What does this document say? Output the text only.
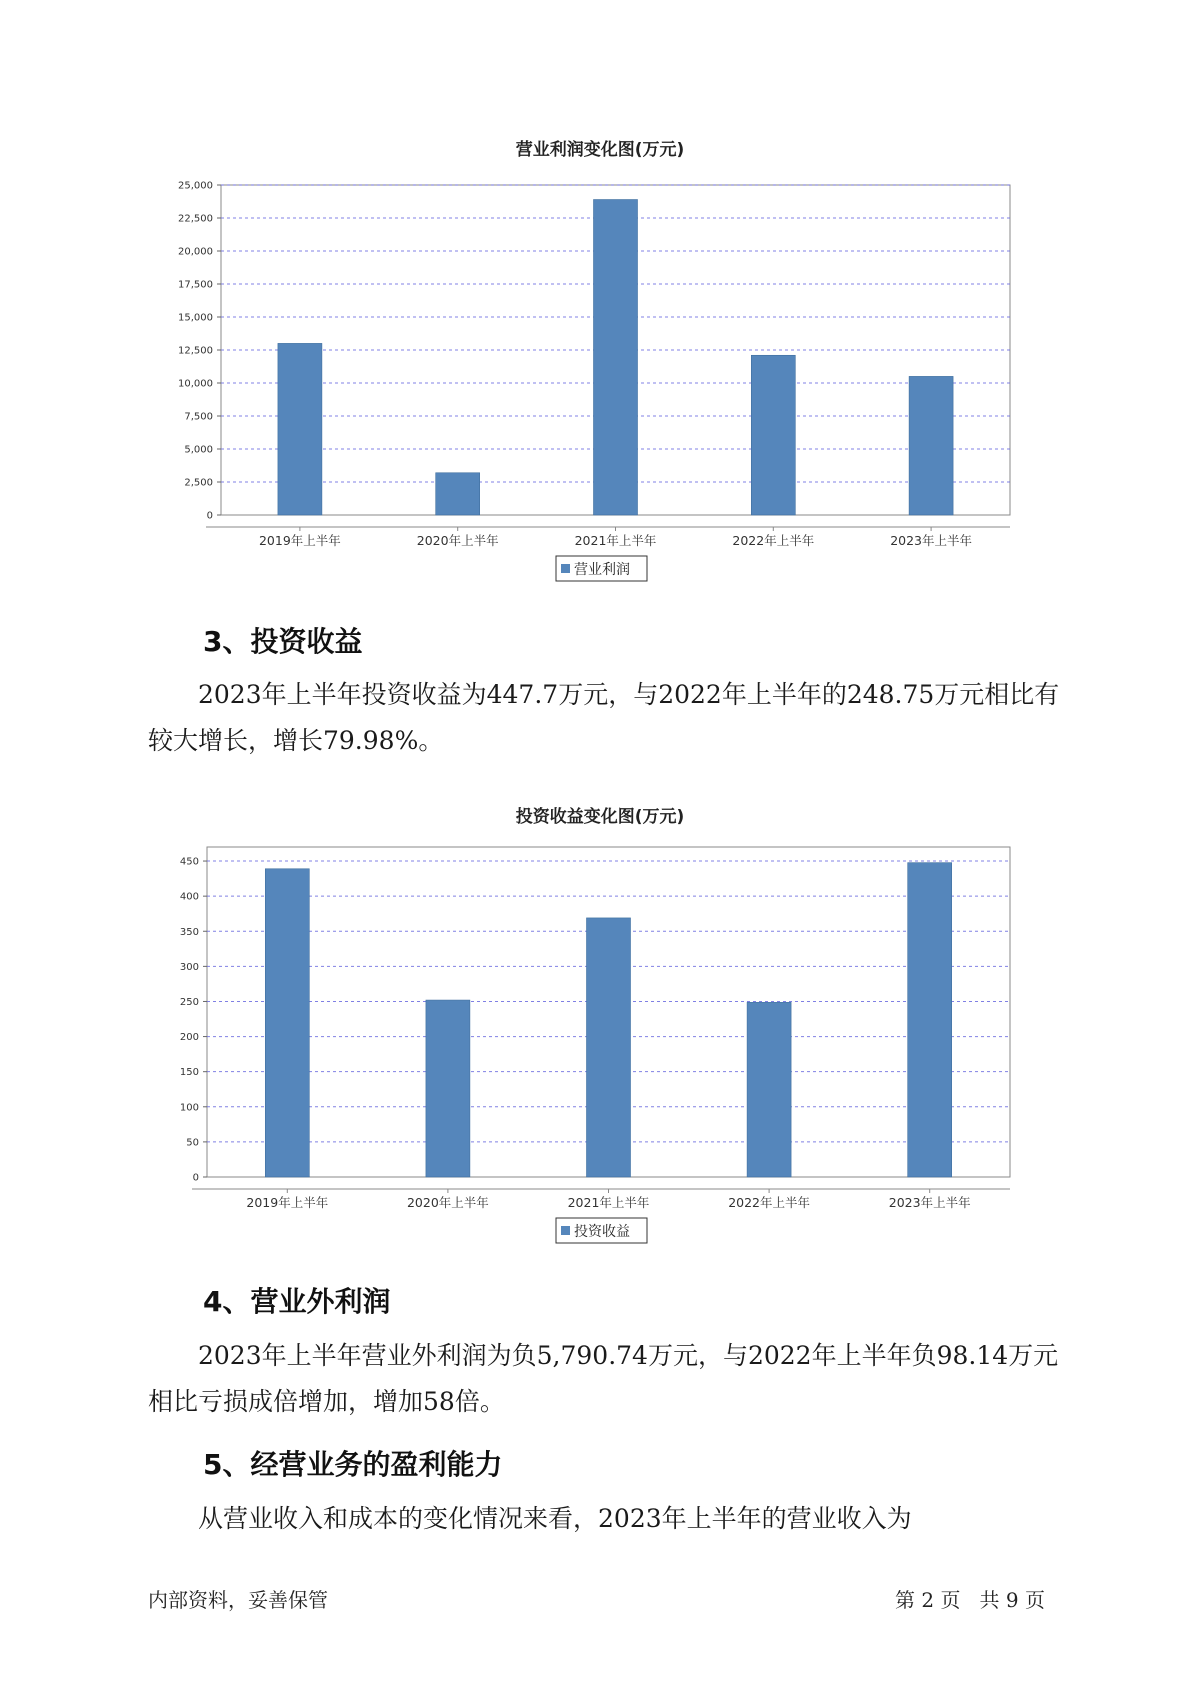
营业利润变化图(万元)
0
2,500
5,000
7,500
10,000
12,500
15,000
17,500
20,000
22,500
25,000
2019年上半年	2020年上半年	2021年上半年	2022年上半年	2023年上半年
营业利润
3、投资收益

2023年上半年投资收益为447.7万元，与2022年上半年的248.75万元相比有较大增长，增长79.98%。

投资收益变化图(万元)
0
50
100
150
200
250
300
350
400
450
2019年上半年	2020年上半年	2021年上半年	2022年上半年	2023年上半年
投资收益
4、营业外利润

2023年上半年营业外利润为负5,790.74万元，与2022年上半年负98.14万元相比亏损成倍增加，增加58倍。

5、经营业务的盈利能力

从营业收入和成本的变化情况来看，2023年上半年的营业收入为

内部资料，妥善保管	第 2 页   共 9 页
